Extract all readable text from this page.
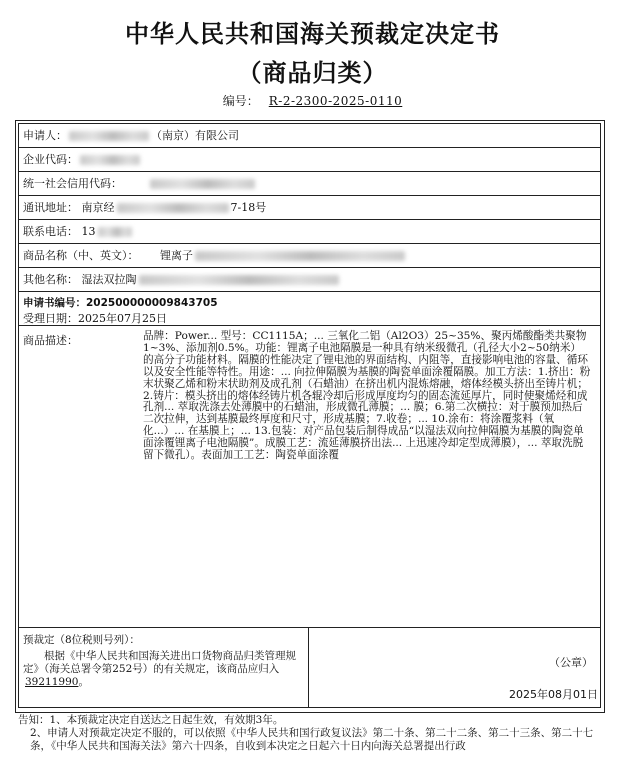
中华人民共和国海关预裁定决定书
（商品归类）
编号： R-2-2300-2025-0110
申请人：	（南京）有限公司
企业代码：
统一社会信用代码：
通讯地址： 南京经	7-18号
联系电话： 13
商品名称（中、英文）： 锂离子
其他名称： 湿法双拉陶
申请书编号：202500000009843705
受理日期：2025年07月25日
商品描述：	品牌：Power... 型号：CC1115A；... 三氧化二铝（Al2O3）25~35%、聚丙烯酸酯类共聚物1~3%、添加剂0.5%。功能：锂离子电池隔膜是一种具有纳米级微孔（孔径大小2~50纳米）的高分子功能材料。隔膜的性能决定了锂电池的界面结构、内阻等，直接影响电池的容量、循环以及安全性能等特性。用途：... 向拉伸隔膜为基膜的陶瓷单面涂覆隔膜。加工方法：1.挤出：粉末状聚乙烯和粉末状助剂及成孔剂（石蜡油）在挤出机内混炼熔融，熔体经模头挤出至铸片机；2.铸片：模头挤出的熔体经铸片机各辊冷却后形成厚度均匀的固态流延厚片，同时使聚烯烃和成孔剂... 萃取洗涤去处薄膜中的石蜡油，形成微孔薄膜；... 膜；6.第二次横拉：对于膜预加热后二次拉伸，达到基膜最终厚度和尺寸，形成基膜；7.收卷；... 10.涂布：将涂覆浆料（氧化...）... 在基膜上；... 13.包装：对产品包装后制得成品“以湿法双向拉伸隔膜为基膜的陶瓷单面涂覆锂离子电池隔膜”。成膜工艺：流延薄膜挤出法... 上迅速冷却定型成薄膜），... 萃取洗脱留下微孔）。表面加工工艺：陶瓷单面涂覆
预裁定（8位税则号列）：
根据《中华人民共和国海关进出口货物商品归类管理规定》（海关总署令第252号）的有关规定，该商品应归入39211990。
（公章）
2025年08月01日

告知：1、本预裁定决定自送达之日起生效，有效期3年。

2、申请人对预裁定决定不服的，可以依照《中华人民共和国行政复议法》第二十条、第二十二条、第二十三条、第二十七条，《中华人民共和国海关法》第六十四条，自收到本决定之日起六十日内向海关总署提出行政
